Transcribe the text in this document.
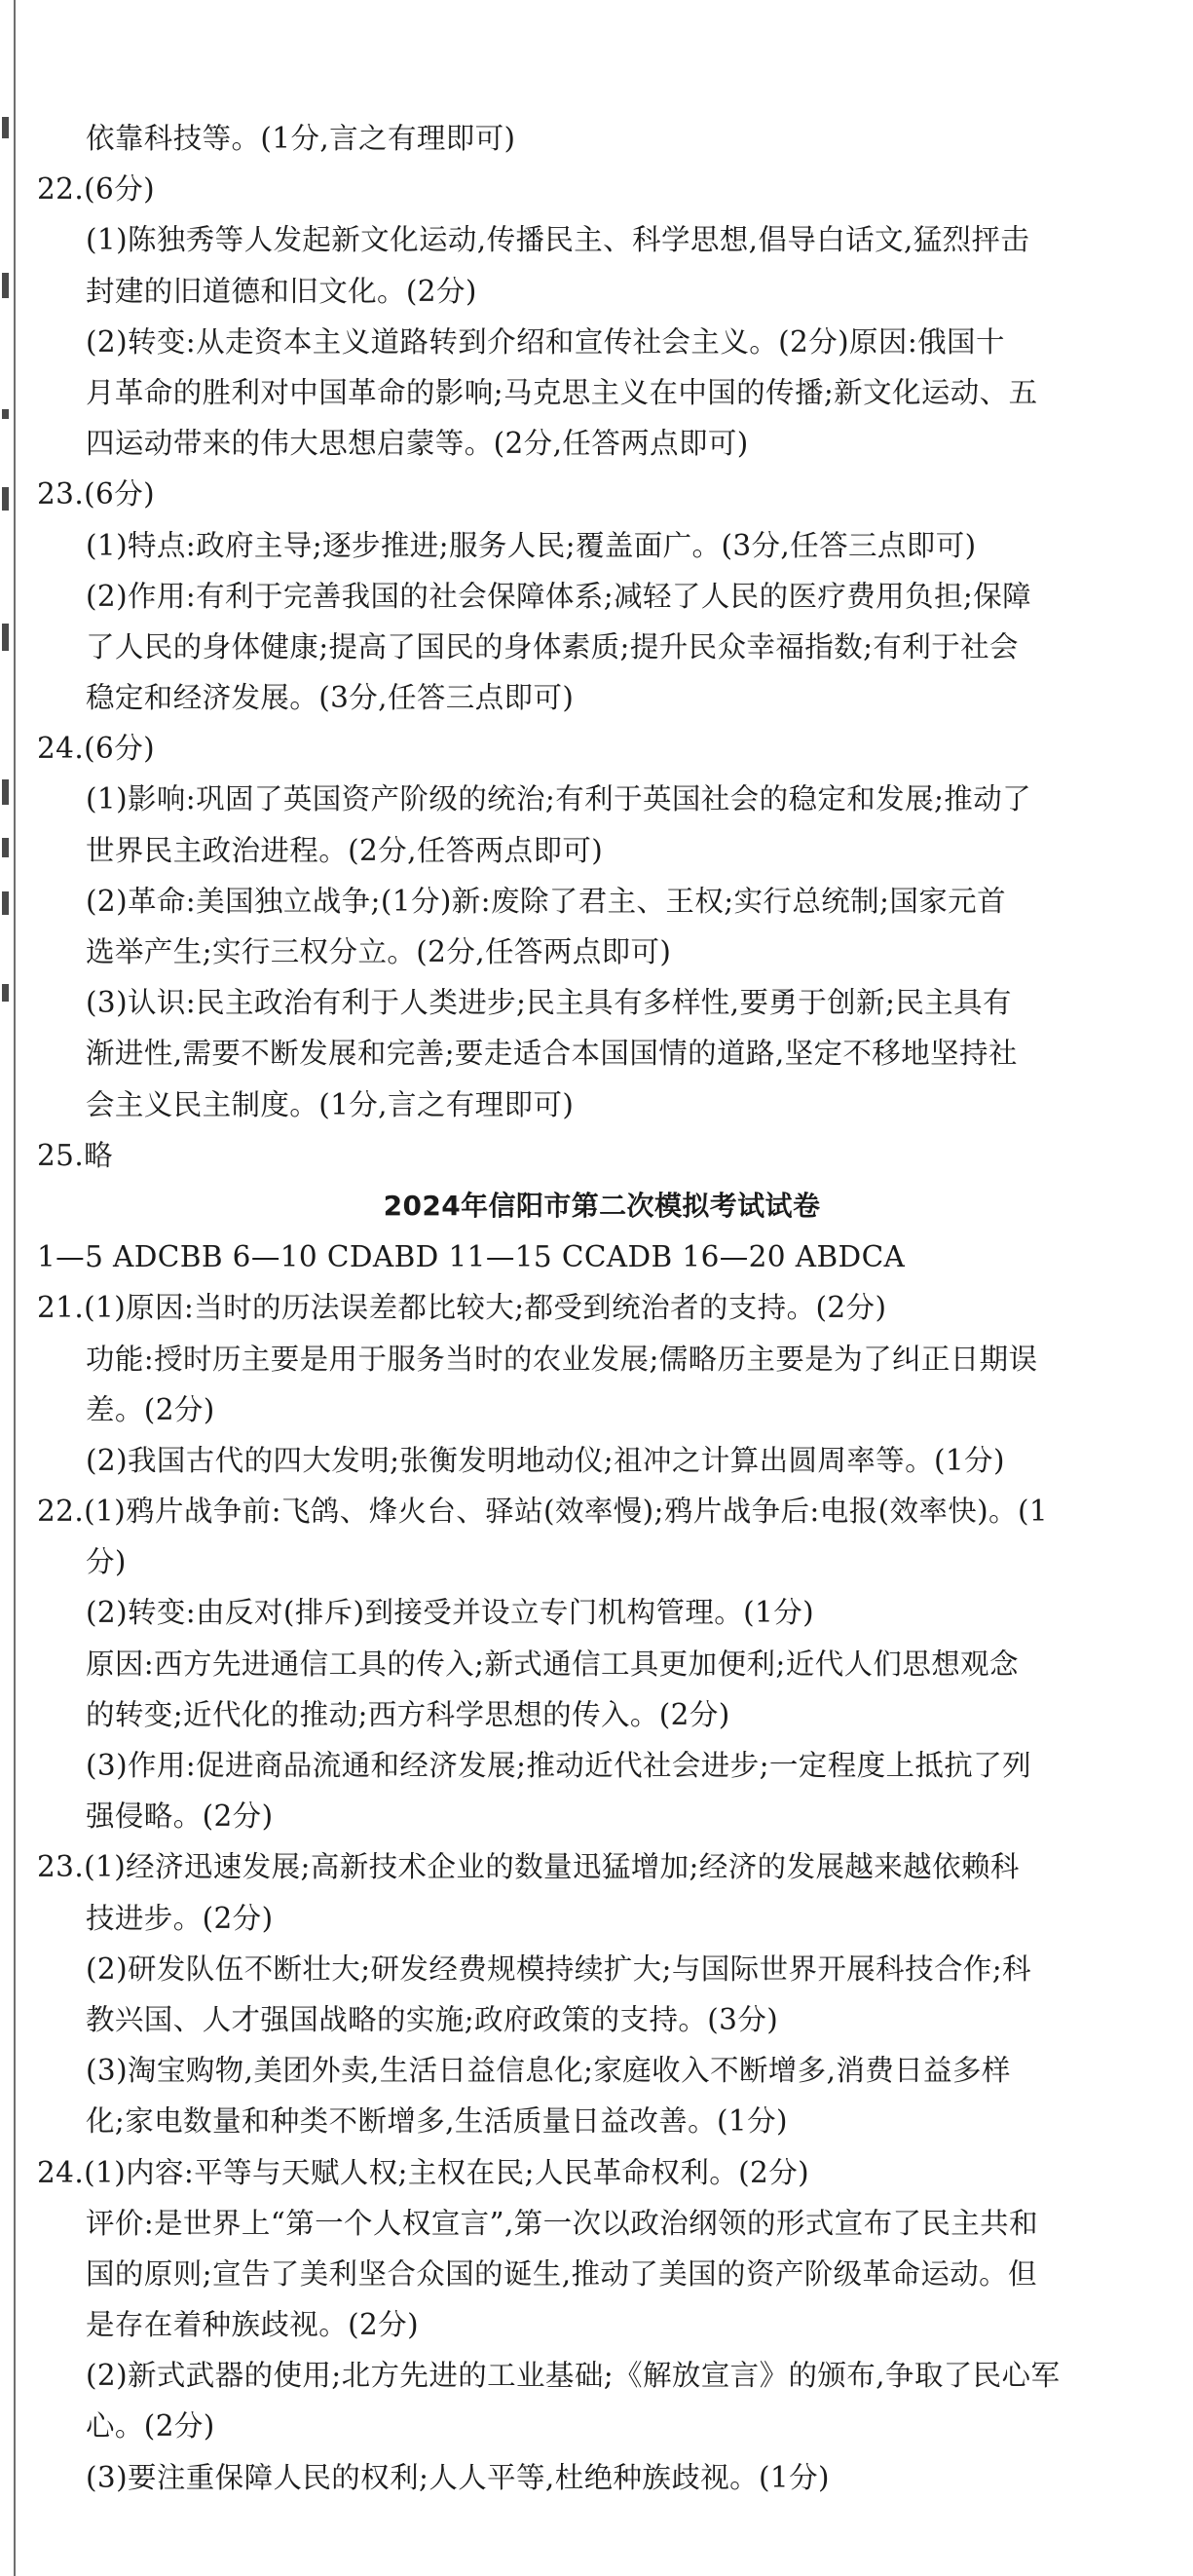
依靠科技等。(1分,言之有理即可)
22.(6分)
(1)陈独秀等人发起新文化运动,传播民主、科学思想,倡导白话文,猛烈抨击
封建的旧道德和旧文化。(2分)
(2)转变:从走资本主义道路转到介绍和宣传社会主义。(2分)原因:俄国十
月革命的胜利对中国革命的影响;马克思主义在中国的传播;新文化运动、五
四运动带来的伟大思想启蒙等。(2分,任答两点即可)
23.(6分)
(1)特点:政府主导;逐步推进;服务人民;覆盖面广。(3分,任答三点即可)
(2)作用:有利于完善我国的社会保障体系;减轻了人民的医疗费用负担;保障
了人民的身体健康;提高了国民的身体素质;提升民众幸福指数;有利于社会
稳定和经济发展。(3分,任答三点即可)
24.(6分)
(1)影响:巩固了英国资产阶级的统治;有利于英国社会的稳定和发展;推动了
世界民主政治进程。(2分,任答两点即可)
(2)革命:美国独立战争;(1分)新:废除了君主、王权;实行总统制;国家元首
选举产生;实行三权分立。(2分,任答两点即可)
(3)认识:民主政治有利于人类进步;民主具有多样性,要勇于创新;民主具有
渐进性,需要不断发展和完善;要走适合本国国情的道路,坚定不移地坚持社
会主义民主制度。(1分,言之有理即可)
25.略
2024年信阳市第二次模拟考试试卷
1—5 ADCBB 6—10 CDABD 11—15 CCADB 16—20 ABDCA
21.(1)原因:当时的历法误差都比较大;都受到统治者的支持。(2分)
功能:授时历主要是用于服务当时的农业发展;儒略历主要是为了纠正日期误
差。(2分)
(2)我国古代的四大发明;张衡发明地动仪;祖冲之计算出圆周率等。(1分)
22.(1)鸦片战争前:飞鸽、烽火台、驿站(效率慢);鸦片战争后:电报(效率快)。(1
分)
(2)转变:由反对(排斥)到接受并设立专门机构管理。(1分)
原因:西方先进通信工具的传入;新式通信工具更加便利;近代人们思想观念
的转变;近代化的推动;西方科学思想的传入。(2分)
(3)作用:促进商品流通和经济发展;推动近代社会进步;一定程度上抵抗了列
强侵略。(2分)
23.(1)经济迅速发展;高新技术企业的数量迅猛增加;经济的发展越来越依赖科
技进步。(2分)
(2)研发队伍不断壮大;研发经费规模持续扩大;与国际世界开展科技合作;科
教兴国、人才强国战略的实施;政府政策的支持。(3分)
(3)淘宝购物,美团外卖,生活日益信息化;家庭收入不断增多,消费日益多样
化;家电数量和种类不断增多,生活质量日益改善。(1分)
24.(1)内容:平等与天赋人权;主权在民;人民革命权利。(2分)
评价:是世界上“第一个人权宣言”,第一次以政治纲领的形式宣布了民主共和
国的原则;宣告了美利坚合众国的诞生,推动了美国的资产阶级革命运动。但
是存在着种族歧视。(2分)
(2)新式武器的使用;北方先进的工业基础;《解放宣言》的颁布,争取了民心军
心。(2分)
(3)要注重保障人民的权利;人人平等,杜绝种族歧视。(1分)
